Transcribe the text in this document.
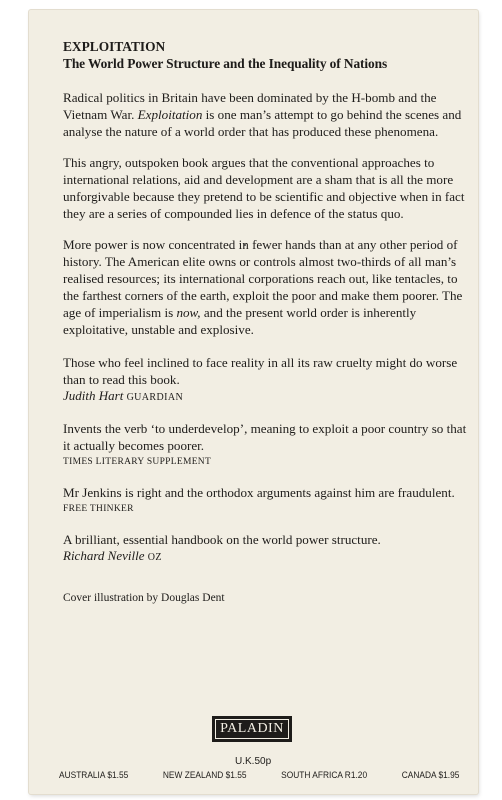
EXPLOITATION
The World Power Structure and the Inequality of Nations

Radical politics in Britain have been dominated by the H-bomb and the Vietnam War. Exploitation is one man’s attempt to go behind the scenes and analyse the nature of a world order that has produced these phenomena.

This angry, outspoken book argues that the conventional approaches to international relations, aid and development are a sham that is all the more unforgivable because they pretend to be scientific and objective when in fact they are a series of compounded lies in defence of the status quo.

More power is now concentrated in fewer hands than at any other period of history. The American elite owns or controls almost two-thirds of all man’s realised resources; its international corporations reach out, like tentacles, to the farthest corners of the earth, exploit the poor and make them poorer. The age of imperialism is now, and the present world order is inherently exploitative, unstable and explosive.

Those who feel inclined to face reality in all its raw cruelty might do worse than to read this book.

Judith Hart GUARDIAN

Invents the verb ‘to underdevelop’, meaning to exploit a poor country so that it actually becomes poorer.

TIMES LITERARY SUPPLEMENT

Mr Jenkins is right and the orthodox arguments against him are fraudulent.

FREE THINKER

A brilliant, essential handbook on the world power structure.

Richard Neville OZ
Cover illustration by Douglas Dent
PALADIN
U.K.50p
AUSTRALIA $1.55	NEW ZEALAND $1.55	SOUTH AFRICA R1.20	CANADA $1.95
